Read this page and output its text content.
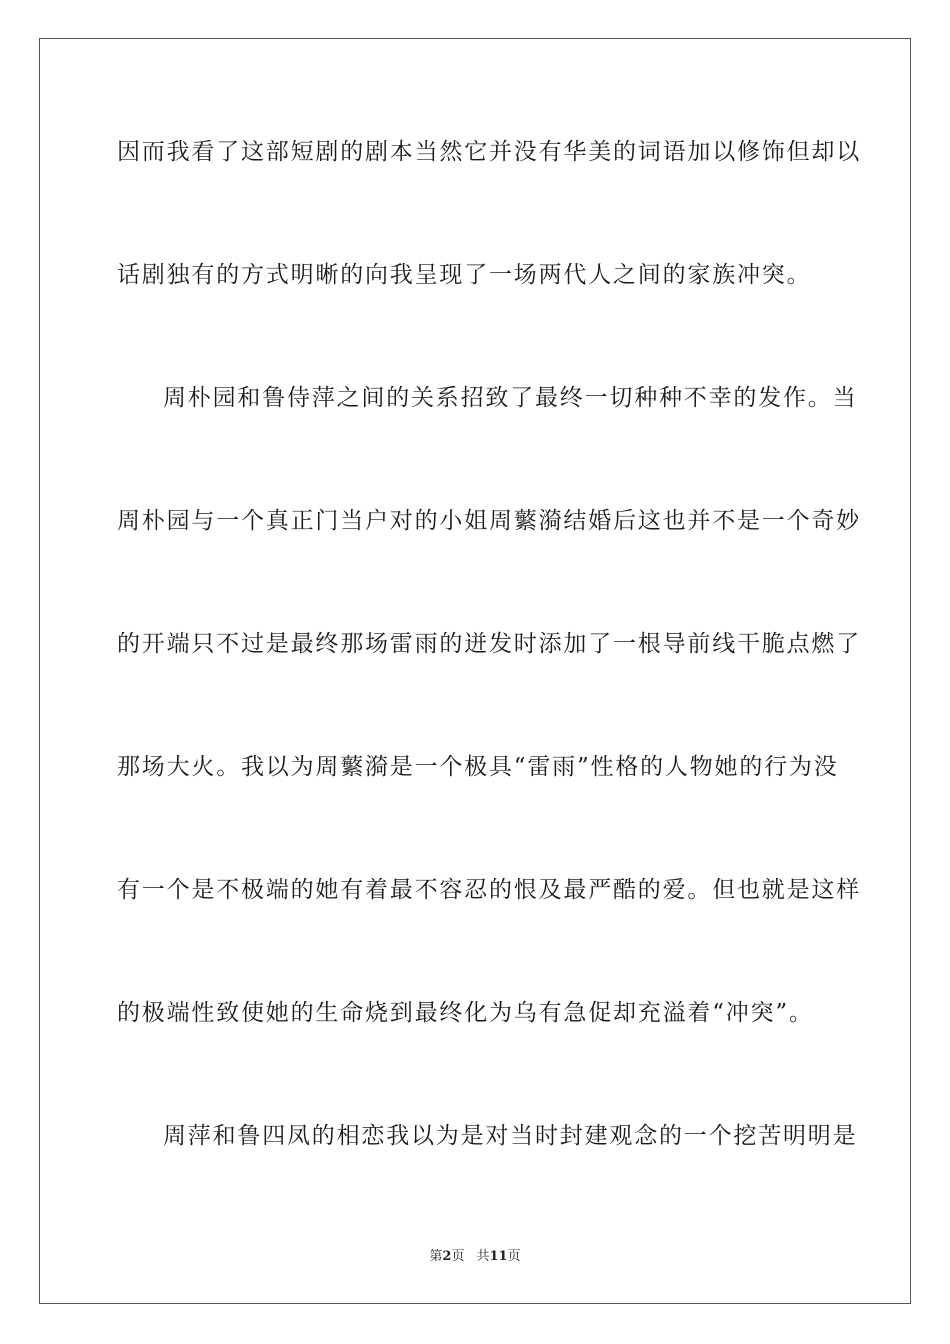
因而我看了这部短剧的剧本当然它并没有华美的词语加以修饰但却以
话剧独有的方式明晰的向我呈现了一场两代人之间的家族冲突。
周朴园和鲁侍萍之间的关系招致了最终一切种种不幸的发作。当
周朴园与一个真正门当户对的小姐周蘩漪结婚后这也并不是一个奇妙
的开端只不过是最终那场雷雨的迸发时添加了一根导前线干脆点燃了
那场大火。我以为周蘩漪是一个极具“雷雨”性格的人物她的行为没
有一个是不极端的她有着最不容忍的恨及最严酷的爱。但也就是这样
的极端性致使她的生命烧到最终化为乌有急促却充溢着“冲突”。
周萍和鲁四凤的相恋我以为是对当时封建观念的一个挖苦明明是
第2页 共11页
